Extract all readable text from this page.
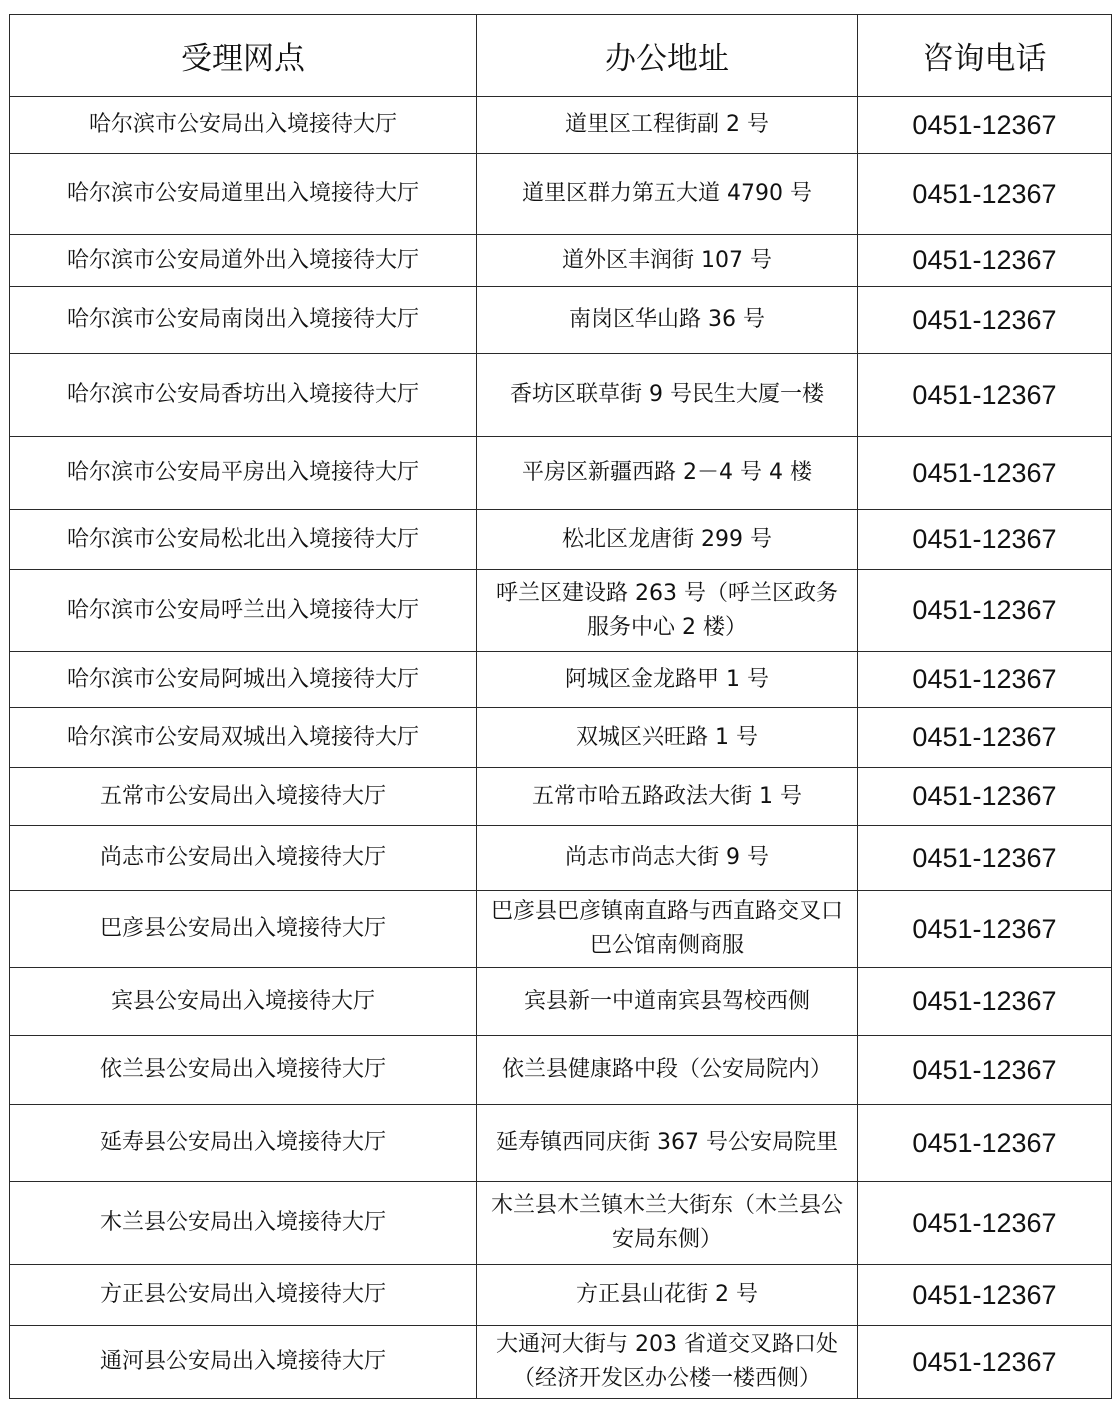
受理网点	办公地址	咨询电话
哈尔滨市公安局出入境接待大厅	道里区工程街副 2 号	0451-12367
哈尔滨市公安局道里出入境接待大厅	道里区群力第五大道 4790 号	0451-12367
哈尔滨市公安局道外出入境接待大厅	道外区丰润街 107 号	0451-12367
哈尔滨市公安局南岗出入境接待大厅	南岗区华山路 36 号	0451-12367
哈尔滨市公安局香坊出入境接待大厅	香坊区联草街 9 号民生大厦一楼	0451-12367
哈尔滨市公安局平房出入境接待大厅	平房区新疆西路 2－4 号 4 楼	0451-12367
哈尔滨市公安局松北出入境接待大厅	松北区龙唐街 299 号	0451-12367
哈尔滨市公安局呼兰出入境接待大厅	呼兰区建设路 263 号（呼兰区政务服务中心 2 楼）	0451-12367
哈尔滨市公安局阿城出入境接待大厅	阿城区金龙路甲 1 号	0451-12367
哈尔滨市公安局双城出入境接待大厅	双城区兴旺路 1 号	0451-12367
五常市公安局出入境接待大厅	五常市哈五路政法大街 1 号	0451-12367
尚志市公安局出入境接待大厅	尚志市尚志大街 9 号	0451-12367
巴彦县公安局出入境接待大厅	巴彦县巴彦镇南直路与西直路交叉口巴公馆南侧商服	0451-12367
宾县公安局出入境接待大厅	宾县新一中道南宾县驾校西侧	0451-12367
依兰县公安局出入境接待大厅	依兰县健康路中段（公安局院内）	0451-12367
延寿县公安局出入境接待大厅	延寿镇西同庆街 367 号公安局院里	0451-12367
木兰县公安局出入境接待大厅	木兰县木兰镇木兰大街东（木兰县公安局东侧）	0451-12367
方正县公安局出入境接待大厅	方正县山花街 2 号	0451-12367
通河县公安局出入境接待大厅	大通河大街与 203 省道交叉路口处（经济开发区办公楼一楼西侧）	0451-12367
